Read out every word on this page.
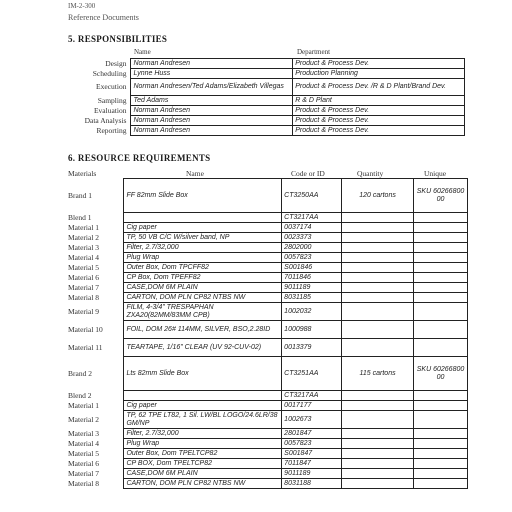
IM-2-300
Reference Documents
5. RESPONSIBILITIES
Name	Department
Design	Norman Andresen	Product & Process Dev.
Scheduling	Lynne Huss	Production Planning
Execution	Norman Andresen/Ted Adams/Elizabeth Villegas	Product & Process Dev. /R & D Plant/Brand Dev.
Sampling	Ted Adams	R & D Plant
Evaluation	Norman Andresen	Product & Process Dev.
Data Analysis	Norman Andresen	Product & Process Dev.
Reporting	Norman Andresen	Product & Process Dev.
6. RESOURCE REQUIREMENTS
Materials	Name	Code or ID	Quantity	Unique
Brand 1	FF 82mm Slide Box	CT3250AA	120 cartons	SKU 60266800 00
Blend 1		CT3217AA		
Material 1	Cig paper	0037174		
Material 2	TP, 50 VB C/C W/silver band, NP	0023373		
Material 3	Filter, 2.7/32,000	2802000		
Material 4	Plug Wrap	0057823		
Material 5	Outer Box, Dom TPCFF82	S001846		
Material 6	CP Box, Dom TPEFF82	7011846		
Material 7	CASE,DOM 6M PLAIN	9011189		
Material 8	CARTON, DOM PLN CP82 NTBS NW	8031185		
Material 9	FILM, 4-3/4" TRESPAPHAN ZXA20(82MM/83MM CPB)	1002032		
Material 10	FOIL, DOM 26# 114MM, SILVER, BSO,2.28ID	1000988		
Material 11	TEARTAPE, 1/16" CLEAR (UV 92-CUV-02)	0013379		
Brand 2	Lts 82mm Slide Box	CT3251AA	115 cartons	SKU 60266800 00
Blend 2		CT3217AA		
Material 1	Cig paper	0017177		
Material 2	TP, 62 TPE LT82, 1 Sil. LW/BL LOGO/24.6LR/38 GM/NP	1002673		
Material 3	Filter, 2.7/32,000	2801847		
Material 4	Plug Wrap	0057823		
Material 5	Outer Box, Dom TPELTCP82	S001847		
Material 6	CP BOX, Dom TPELTCP82	7011847		
Material 7	CASE,DOM 6M PLAIN	9011189		
Material 8	CARTON, DOM PLN CP82 NTBS NW	8031188		
